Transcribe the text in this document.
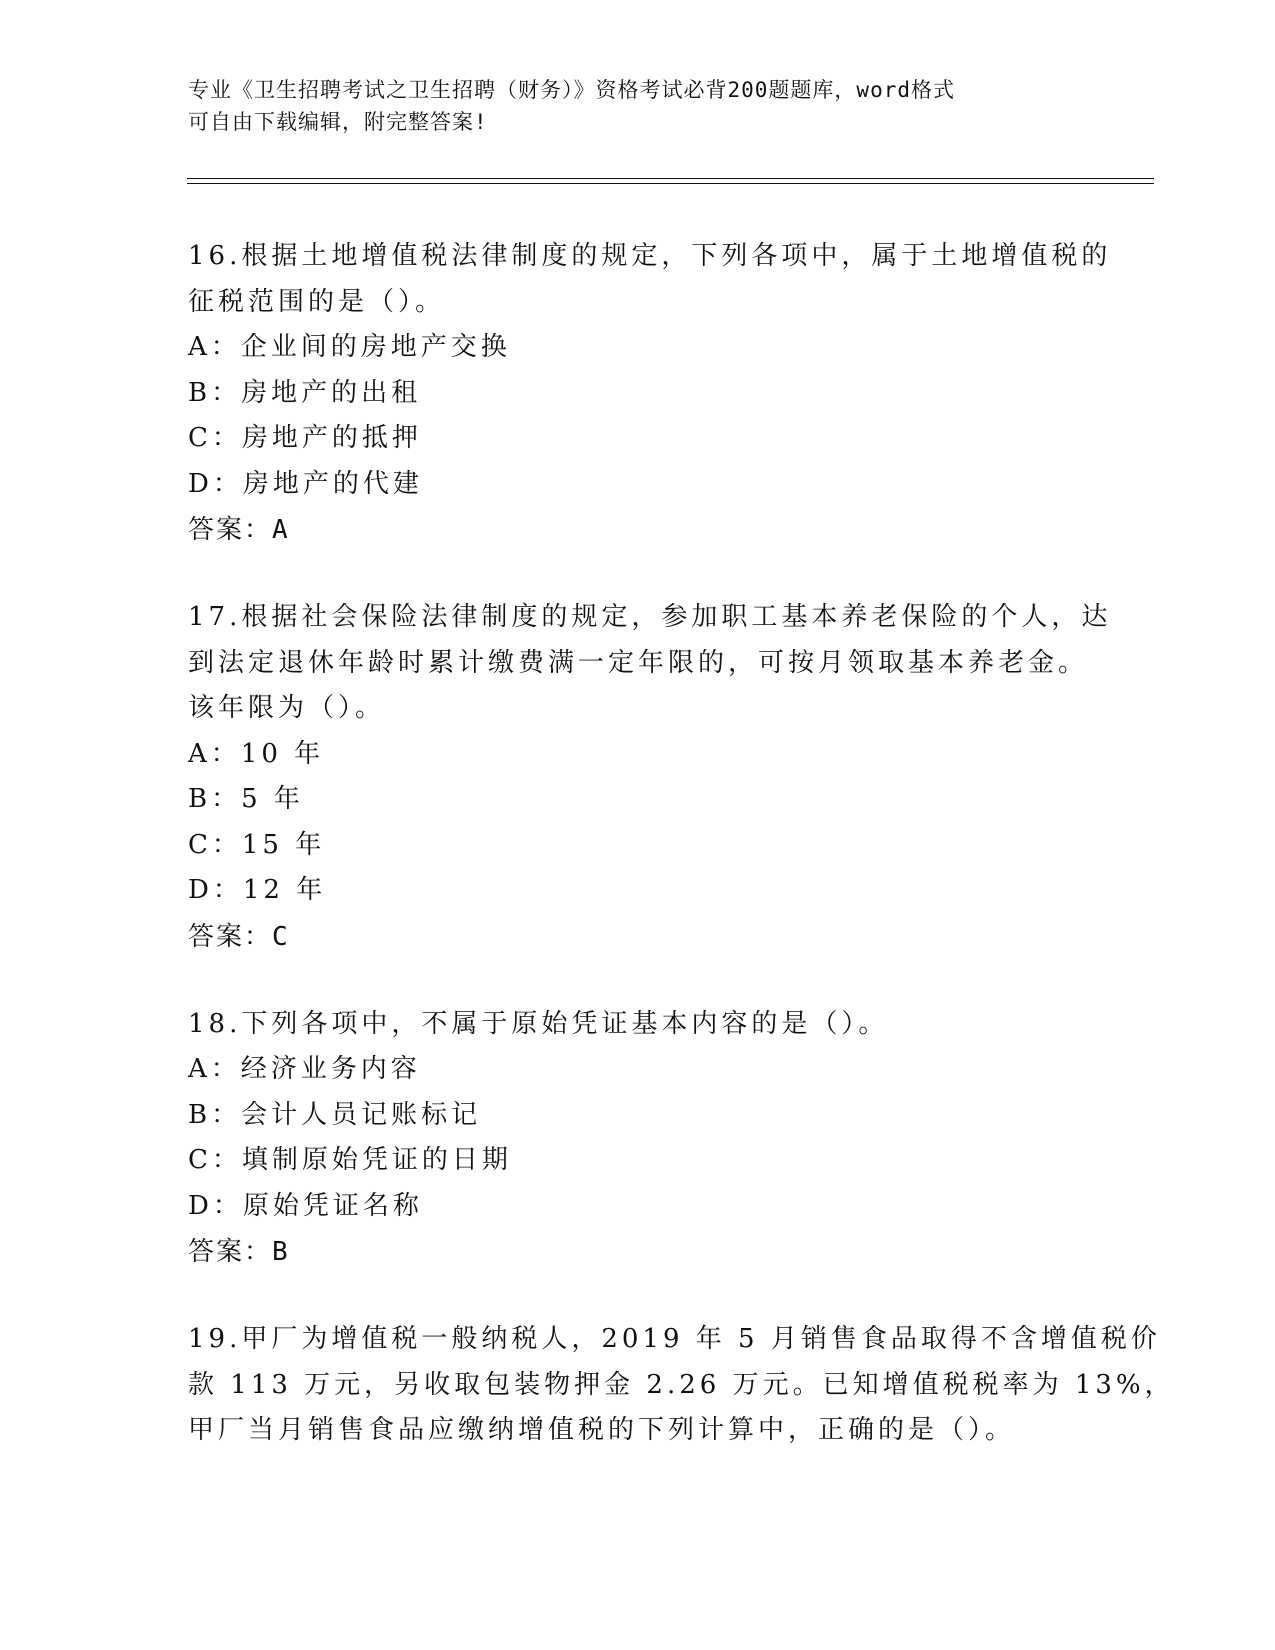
专业《卫生招聘考试之卫生招聘（财务）》资格考试必背200题题库，word格式
可自由下载编辑，附完整答案!
16.根据土地增值税法律制度的规定，下列各项中，属于土地增值税的
征税范围的是（）。
A：企业间的房地产交换
B：房地产的出租
C：房地产的抵押
D：房地产的代建
答案：A
17.根据社会保险法律制度的规定，参加职工基本养老保险的个人，达
到法定退休年龄时累计缴费满一定年限的，可按月领取基本养老金。
该年限为（）。
A：10 年
B：5 年
C：15 年
D：12 年
答案：C
18.下列各项中，不属于原始凭证基本内容的是（）。
A：经济业务内容
B：会计人员记账标记
C：填制原始凭证的日期
D：原始凭证名称
答案：B
19.甲厂为增值税一般纳税人，2019 年 5 月销售食品取得不含增值税价
款 113 万元，另收取包装物押金 2.26 万元。已知增值税税率为 13%，
甲厂当月销售食品应缴纳增值税的下列计算中，正确的是（）。
